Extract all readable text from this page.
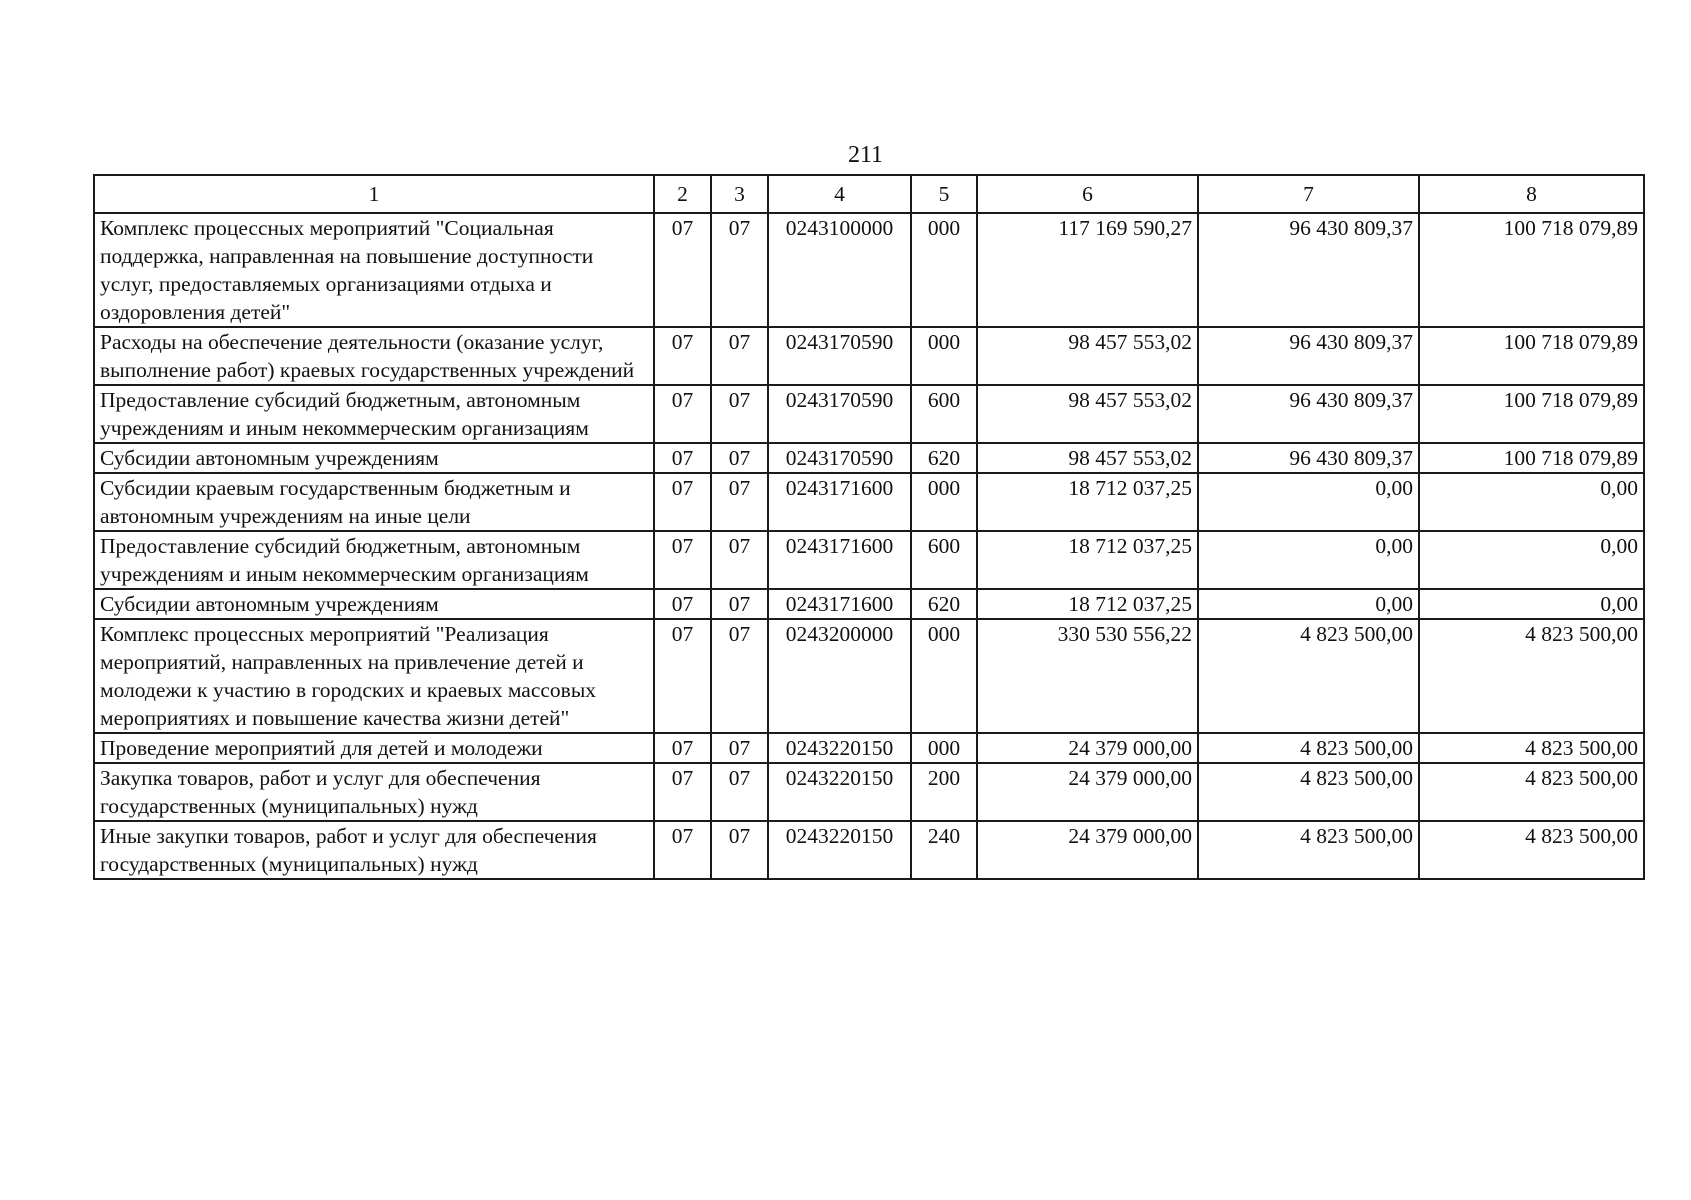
211
1	2	3	4	5	6	7	8
Комплекс процессных мероприятий "Социальная поддержка, направленная на повышение доступности услуг, предоставляемых организациями отдыха и оздоровления детей"	07	07	0243100000	000	117 169 590,27	96 430 809,37	100 718 079,89
Расходы на обеспечение деятельности (оказание услуг, выполнение работ) краевых государственных учреждений	07	07	0243170590	000	98 457 553,02	96 430 809,37	100 718 079,89
Предоставление субсидий бюджетным, автономным учреждениям и иным некоммерческим организациям	07	07	0243170590	600	98 457 553,02	96 430 809,37	100 718 079,89
Субсидии автономным учреждениям	07	07	0243170590	620	98 457 553,02	96 430 809,37	100 718 079,89
Субсидии краевым государственным бюджетным и автономным учреждениям на иные цели	07	07	0243171600	000	18 712 037,25	0,00	0,00
Предоставление субсидий бюджетным, автономным учреждениям и иным некоммерческим организациям	07	07	0243171600	600	18 712 037,25	0,00	0,00
Субсидии автономным учреждениям	07	07	0243171600	620	18 712 037,25	0,00	0,00
Комплекс процессных мероприятий "Реализация мероприятий, направленных на привлечение детей и молодежи к участию в городских и краевых массовых мероприятиях и повышение качества жизни детей"	07	07	0243200000	000	330 530 556,22	4 823 500,00	4 823 500,00
Проведение мероприятий для детей и молодежи	07	07	0243220150	000	24 379 000,00	4 823 500,00	4 823 500,00
Закупка товаров, работ и услуг для обеспечения государственных (муниципальных) нужд	07	07	0243220150	200	24 379 000,00	4 823 500,00	4 823 500,00
Иные закупки товаров, работ и услуг для обеспечения государственных (муниципальных) нужд	07	07	0243220150	240	24 379 000,00	4 823 500,00	4 823 500,00
